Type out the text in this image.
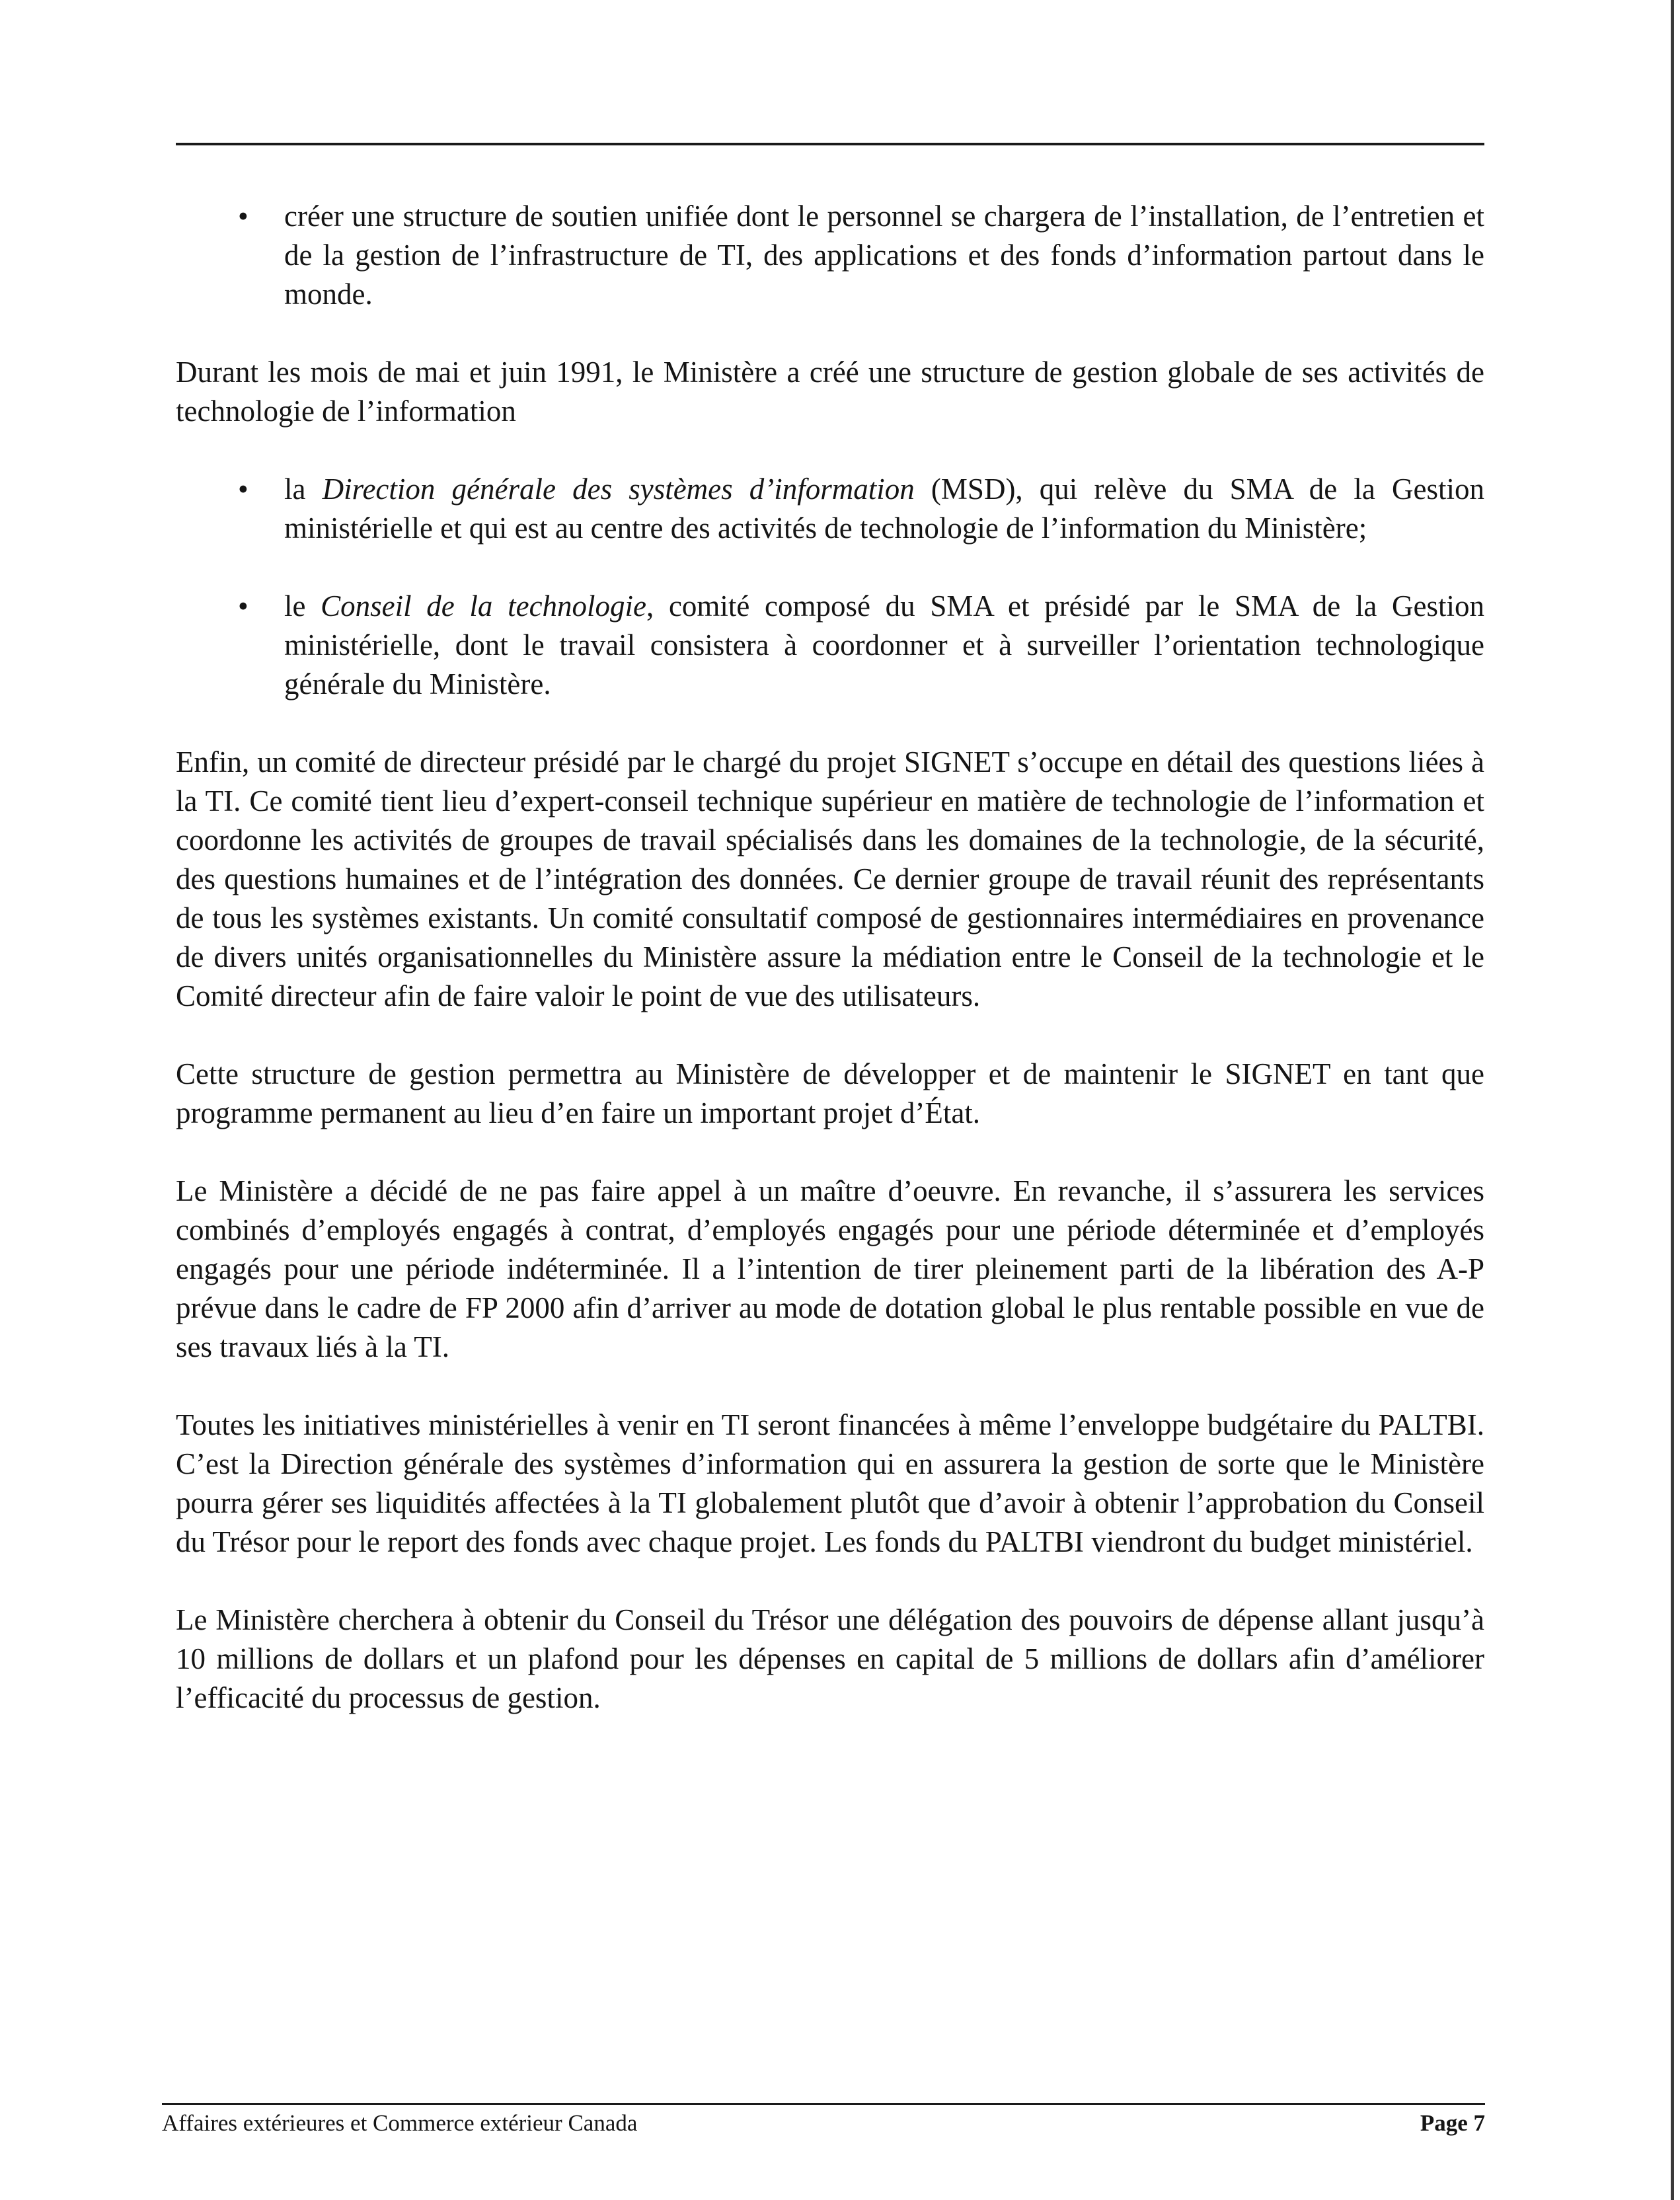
• créer une structure de soutien unifiée dont le personnel se chargera de l’installation, de l’entretien et de la gestion de l’infrastructure de TI, des applications et des fonds d’information partout dans le monde.

Durant les mois de mai et juin 1991, le Ministère a créé une structure de gestion globale de ses activités de technologie de l’information

• la Direction générale des systèmes d’information (MSD), qui relève du SMA de la Gestion ministérielle et qui est au centre des activités de technologie de l’information du Ministère;
• le Conseil de la technologie, comité composé du SMA et présidé par le SMA de la Gestion ministérielle, dont le travail consistera à coordonner et à surveiller l’orientation technologique générale du Ministère.

Enfin, un comité de directeur présidé par le chargé du projet SIGNET s’occupe en détail des questions liées à la TI. Ce comité tient lieu d’expert-conseil technique supérieur en matière de technologie de l’information et coordonne les activités de groupes de travail spécialisés dans les domaines de la technologie, de la sécurité, des questions humaines et de l’intégration des données. Ce dernier groupe de travail réunit des représentants de tous les systèmes existants. Un comité consultatif composé de gestionnaires intermédiaires en provenance de divers unités organisationnelles du Ministère assure la médiation entre le Conseil de la technologie et le Comité directeur afin de faire valoir le point de vue des utilisateurs.

Cette structure de gestion permettra au Ministère de développer et de maintenir le SIGNET en tant que programme permanent au lieu d’en faire un important projet d’État.

Le Ministère a décidé de ne pas faire appel à un maître d’oeuvre. En revanche, il s’assurera les services combinés d’employés engagés à contrat, d’employés engagés pour une période déterminée et d’employés engagés pour une période indéterminée. Il a l’intention de tirer pleinement parti de la libération des A-P prévue dans le cadre de FP 2000 afin d’arriver au mode de dotation global le plus rentable possible en vue de ses travaux liés à la TI.

Toutes les initiatives ministérielles à venir en TI seront financées à même l’enveloppe budgétaire du PALTBI. C’est la Direction générale des systèmes d’information qui en assurera la gestion de sorte que le Ministère pourra gérer ses liquidités affectées à la TI globalement plutôt que d’avoir à obtenir l’approbation du Conseil du Trésor pour le report des fonds avec chaque projet. Les fonds du PALTBI viendront du budget ministériel.

Le Ministère cherchera à obtenir du Conseil du Trésor une délégation des pouvoirs de dépense allant jusqu’à 10 millions de dollars et un plafond pour les dépenses en capital de 5 millions de dollars afin d’améliorer l’efficacité du processus de gestion.

Affaires extérieures et Commerce extérieur Canada	Page 7
